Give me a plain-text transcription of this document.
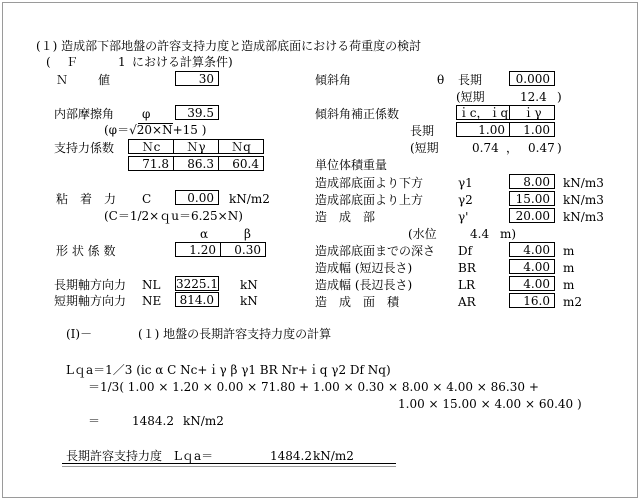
(１) 造成部下部地盤の許容支持力度と造成部底面における荷重度の検討
( Ｆ	1 における計算条件)
Ｎ 値	30
内部摩擦角 φ	39.5
(φ＝
√20×N+15 )
支持力係数	Ｎc	Ｎγ	Ｎq
71.8	86.3	60.4
粘　着　力 C	0.00	kN/m2
(C＝1/2×ｑu＝6.25×N)
α	β
形 状 係 数	1.20	0.30
長期軸方向力 NL 3225.1 kN
短期軸方向力 NE	814.0	kN
傾斜角	θ 長期	0.000
(短期	12.4 )
傾斜角補正係数	ｉc，ｉq	ｉγ
長期	1.00	1.00
(短期	0.74 ， 0.47 )
単位体積重量
造成部底面より下方	γ1	8.00	kN/m3
造成部底面より上方	γ2	15.00	kN/m3
造　成　部	γ'	20.00	kN/m3
(水位	4.4 m)
造成部底面までの深さ Df	4.00	m
造成幅 (短辺長さ)	BR	4.00	m
造成幅 (長辺長さ)	LR	4.00	m
造　成　面　積	AR	16.0	m2
(Ⅰ)－	(１) 地盤の長期許容支持力度の計算
Lｑa＝1／3 (ic α C Nc+ｉγ β γ1 BR Nr+ｉq γ2 Df Nq)
＝1/3( 1.00 × 1.20 × 0.00 × 71.80 + 1.00 × 0.30 × 8.00 × 4.00 × 86.30 +
1.00 × 15.00 × 4.00 × 60.40 )
＝	1484.2 kN/m2
長期許容支持力度　Lｑa＝	1484.2 kN/m2
